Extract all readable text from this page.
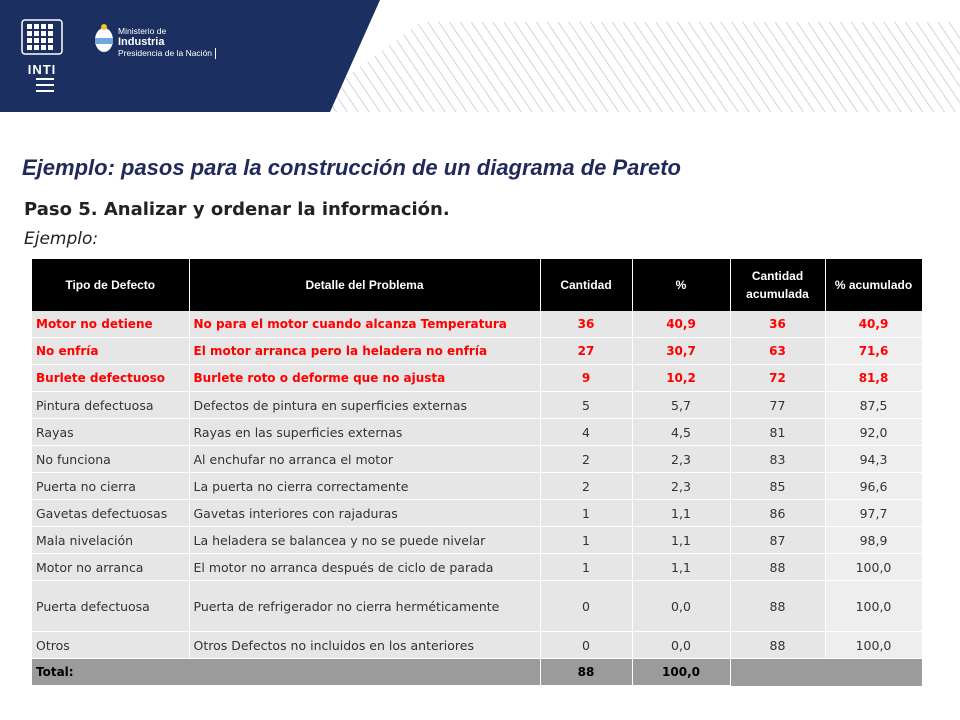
INTI
Ministerio de
Industria
Presidencia de la Nación
Ejemplo: pasos para la construcción de un diagrama de Pareto
Paso 5. Analizar y ordenar la información.
Ejemplo:
Tipo de Defecto	Detalle del Problema	Cantidad	%	Cantidad acumulada	% acumulado
Motor no detiene	No para el motor cuando alcanza Temperatura	36	40,9	36	40,9
No enfría	El motor arranca pero la heladera no enfría	27	30,7	63	71,6
Burlete defectuoso	Burlete roto o deforme que no ajusta	9	10,2	72	81,8
Pintura defectuosa	Defectos de pintura en superficies externas	5	5,7	77	87,5
Rayas	Rayas en las superficies externas	4	4,5	81	92,0
No funciona	Al enchufar no arranca el motor	2	2,3	83	94,3
Puerta no cierra	La puerta no cierra correctamente	2	2,3	85	96,6
Gavetas defectuosas	Gavetas interiores con rajaduras	1	1,1	86	97,7
Mala nivelación	La heladera se balancea y no se puede nivelar	1	1,1	87	98,9
Motor no arranca	El motor no arranca después de ciclo de parada	1	1,1	88	100,0
Puerta defectuosa	Puerta de refrigerador no cierra herméticamente	0	0,0	88	100,0
Otros	Otros Defectos no incluidos en los anteriores	0	0,0	88	100,0
Total:		88	100,0		
